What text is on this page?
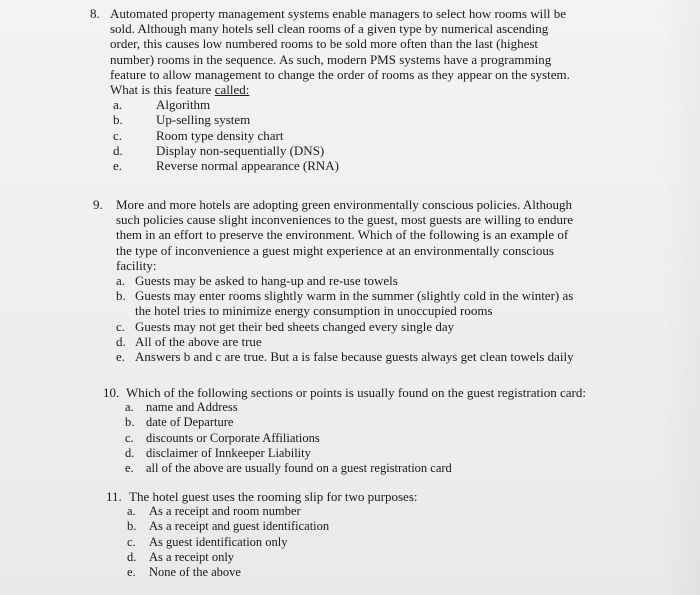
8. Automated property management systems enable managers to select how rooms will be
sold. Although many hotels sell clean rooms of a given type by numerical ascending
order, this causes low numbered rooms to be sold more often than the last (highest
number) rooms in the sequence. As such, modern PMS systems have a programming
feature to allow management to change the order of rooms as they appear on the system.
What is this feature called:
a.	Algorithm
b.	Up-selling system
c.	Room type density chart
d.	Display non-sequentially (DNS)
e.	Reverse normal appearance (RNA)
9.	More and more hotels are adopting green environmentally conscious policies. Although
such policies cause slight inconveniences to the guest, most guests are willing to endure
them in an effort to preserve the environment. Which of the following is an example of
the type of inconvenience a guest might experience at an environmentally conscious
facility:
a. Guests may be asked to hang-up and re-use towels
b. Guests may enter rooms slightly warm in the summer (slightly cold in the winter) as
the hotel tries to minimize energy consumption in unoccupied rooms
c. Guests may not get their bed sheets changed every single day
d. All of the above are true
e. Answers b and c are true. But a is false because guests always get clean towels daily
10. Which of the following sections or points is usually found on the guest registration card:
a. name and Address
b. date of Departure
c. discounts or Corporate Affiliations
d. disclaimer of Innkeeper Liability
e. all of the above are usually found on a guest registration card
11. The hotel guest uses the rooming slip for two purposes:
a.	As a receipt and room number
b.	As a receipt and guest identification
c.	As guest identification only
d.	As a receipt only
e.	None of the above
